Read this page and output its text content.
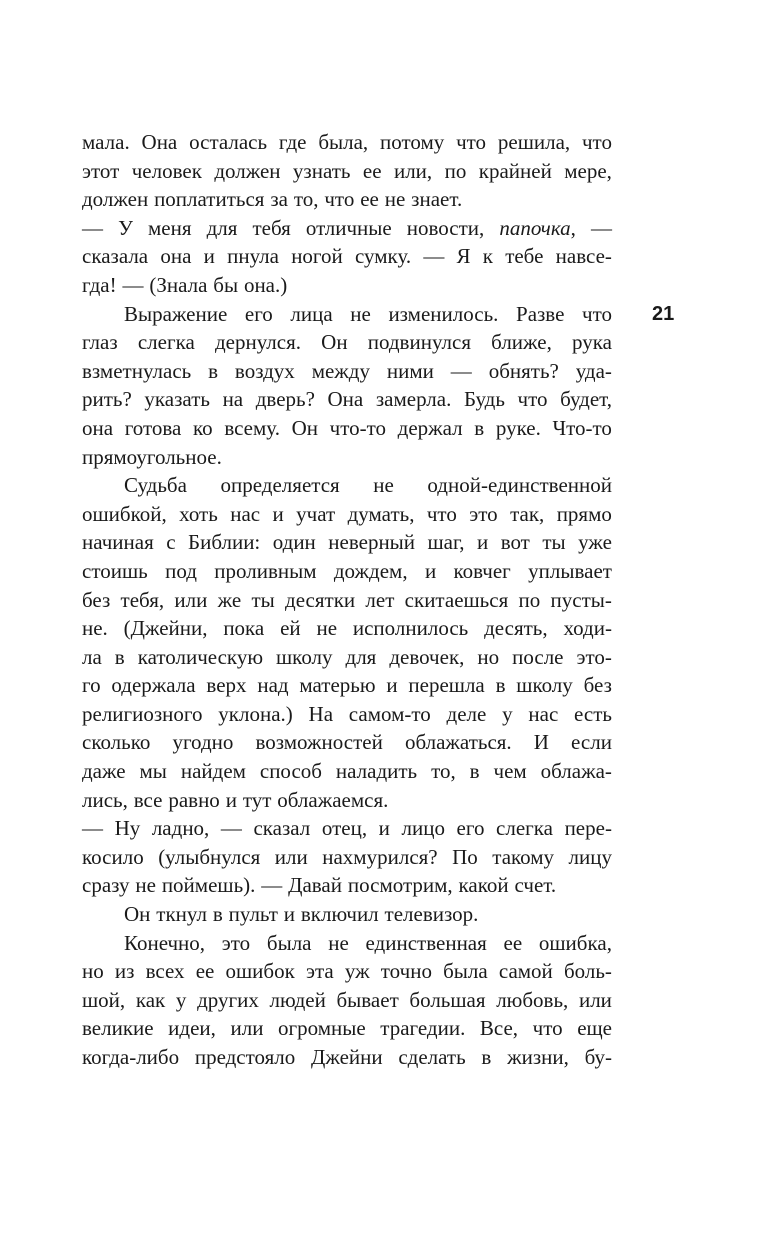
мала. Она осталась где была, потому что решила, что
этот человек должен узнать ее или, по крайней мере,
должен поплатиться за то, что ее не знает.
— У меня для тебя отличные новости, папочка, —
сказала она и пнула ногой сумку. — Я к тебе навсе-
гда! — (Знала бы она.)
Выражение его лица не изменилось. Разве что
глаз слегка дернулся. Он подвинулся ближе, рука
взметнулась в воздух между ними — обнять? уда-
рить? указать на дверь? Она замерла. Будь что будет,
она готова ко всему. Он что-то держал в руке. Что-то
прямоугольное.
Судьба определяется не одной-единственной
ошибкой, хоть нас и учат думать, что это так, прямо
начиная с Библии: один неверный шаг, и вот ты уже
стоишь под проливным дождем, и ковчег уплывает
без тебя, или же ты десятки лет скитаешься по пусты-
не. (Джейни, пока ей не исполнилось десять, ходи-
ла в католическую школу для девочек, но после это-
го одержала верх над матерью и перешла в школу без
религиозного уклона.) На самом-то деле у нас есть
сколько угодно возможностей облажаться. И если
даже мы найдем способ наладить то, в чем облажа-
лись, все равно и тут облажаемся.
— Ну ладно, — сказал отец, и лицо его слегка пере-
косило (улыбнулся или нахмурился? По такому лицу
сразу не поймешь). — Давай посмотрим, какой счет.
Он ткнул в пульт и включил телевизор.
Конечно, это была не единственная ее ошибка,
но из всех ее ошибок эта уж точно была самой боль-
шой, как у других людей бывает большая любовь, или
великие идеи, или огромные трагедии. Все, что еще
когда-либо предстояло Джейни сделать в жизни, бу-
21
